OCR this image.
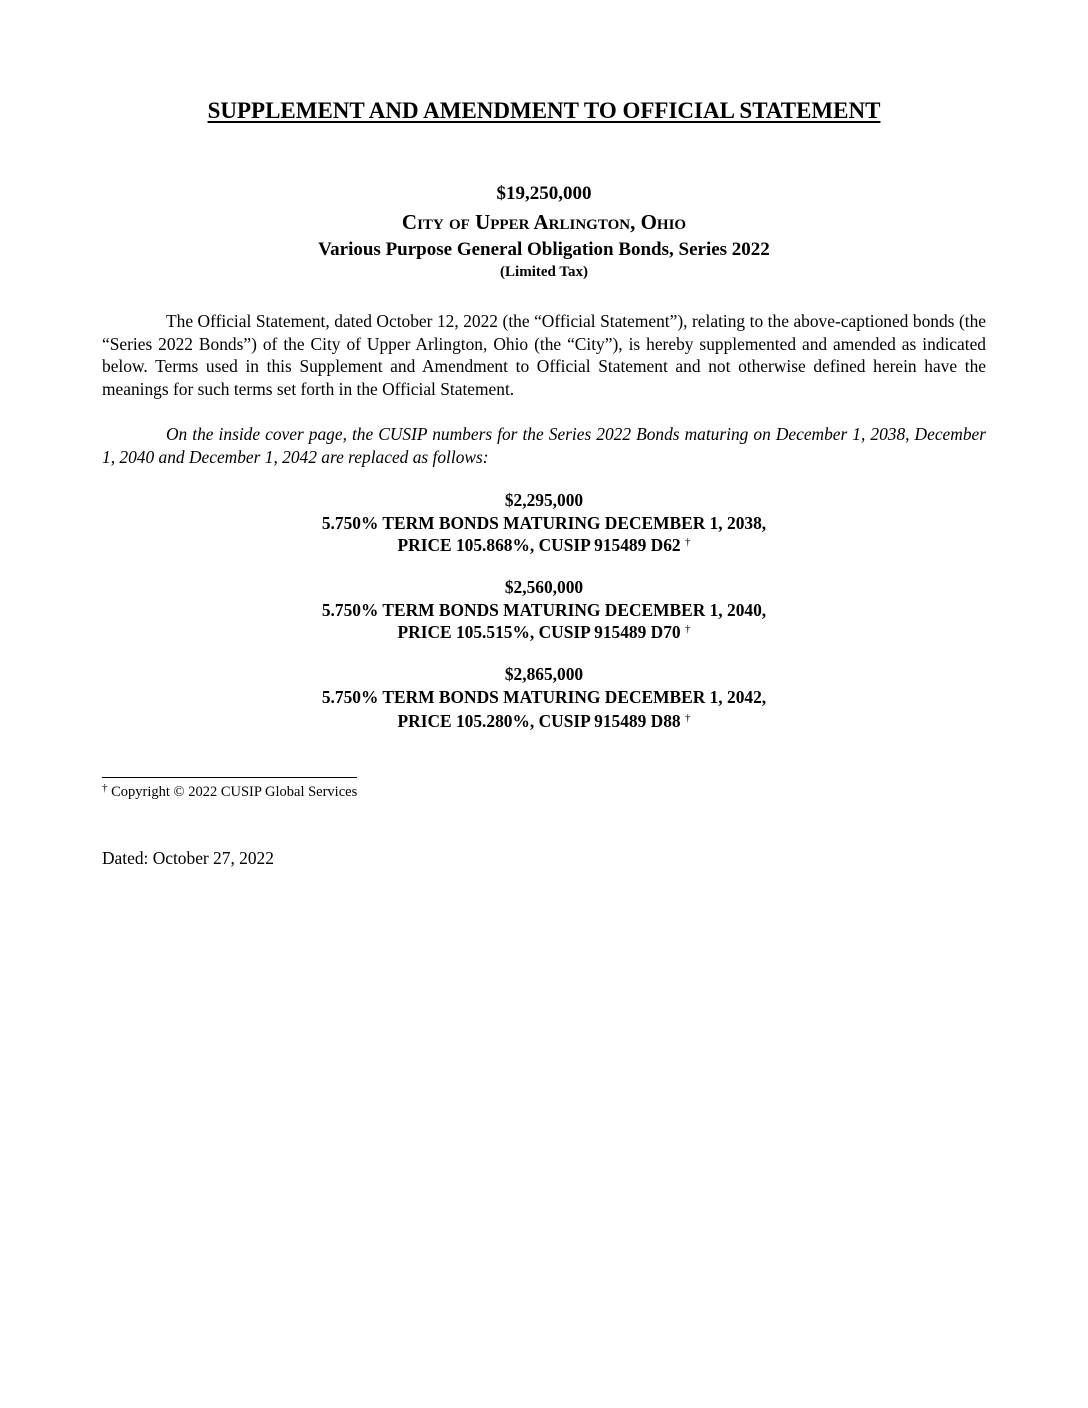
SUPPLEMENT AND AMENDMENT TO OFFICIAL STATEMENT
$19,250,000
City of Upper Arlington, Ohio
Various Purpose General Obligation Bonds, Series 2022
(Limited Tax)

The Official Statement, dated October 12, 2022 (the “Official Statement”), relating to the above-captioned bonds (the “Series 2022 Bonds”) of the City of Upper Arlington, Ohio (the “City”), is hereby supplemented and amended as indicated below. Terms used in this Supplement and Amendment to Official Statement and not otherwise defined herein have the meanings for such terms set forth in the Official Statement.

On the inside cover page, the CUSIP numbers for the Series 2022 Bonds maturing on December 1, 2038, December 1, 2040 and December 1, 2042 are replaced as follows:

$2,295,000
5.750% TERM BONDS MATURING DECEMBER 1, 2038,
PRICE 105.868%, CUSIP 915489 D62 †
$2,560,000
5.750% TERM BONDS MATURING DECEMBER 1, 2040,
PRICE 105.515%, CUSIP 915489 D70 †
$2,865,000
5.750% TERM BONDS MATURING DECEMBER 1, 2042,
PRICE 105.280%, CUSIP 915489 D88 †
† Copyright © 2022 CUSIP Global Services
Dated: October 27, 2022
